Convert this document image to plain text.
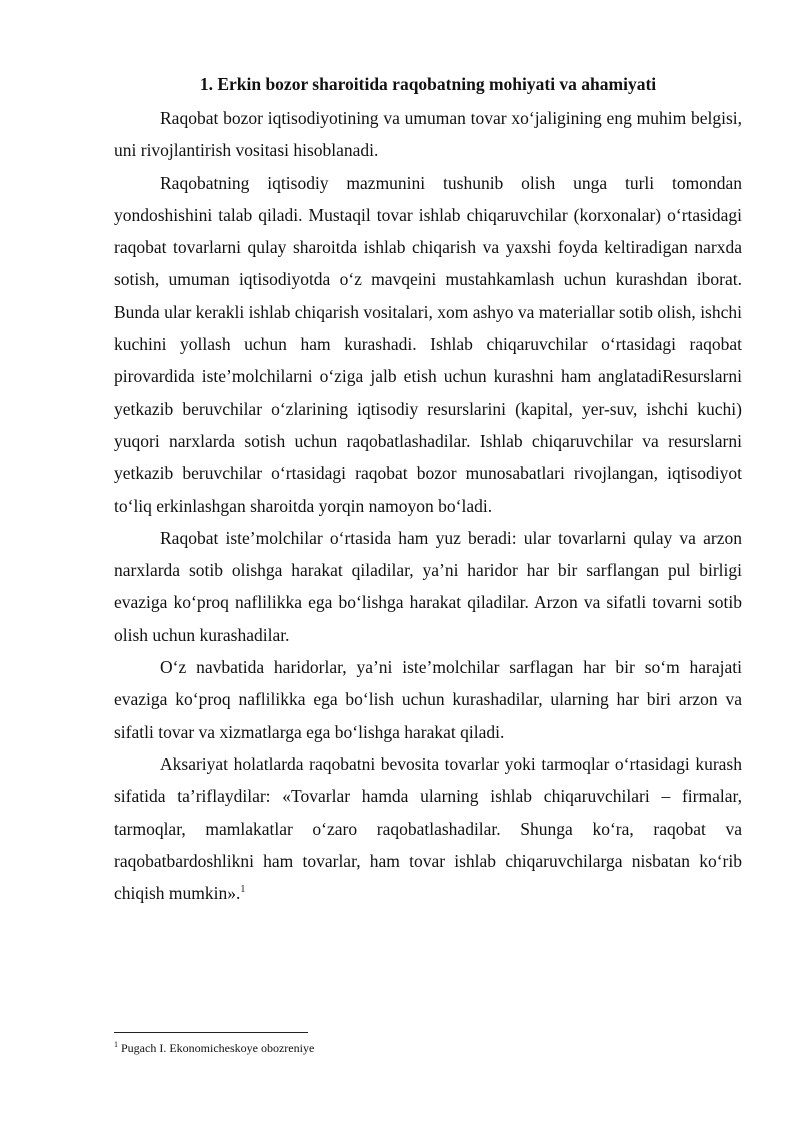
1. Erkin bozor sharoitida raqobatning mohiyati va ahamiyati

Raqobat bozor iqtisodiyotining va umuman tovar xo‘jaligining eng muhim belgisi, uni rivojlantirish vositasi hisoblanadi.

Raqobatning iqtisodiy mazmunini tushunib olish unga turli tomondan yondoshishini talab qiladi. Mustaqil tovar ishlab chiqaruvchilar (korxonalar) o‘rtasidagi raqobat tovarlarni qulay sharoitda ishlab chiqarish va yaxshi foyda keltiradigan narxda sotish, umuman iqtisodiyotda o‘z mavqeini mustahkamlash uchun kurashdan iborat. Bunda ular kerakli ishlab chiqarish vositalari, xom ashyo va materiallar sotib olish, ishchi kuchini yollash uchun ham kurashadi. Ishlab chiqaruvchilar o‘rtasidagi raqobat pirovardida iste’molchilarni o‘ziga jalb etish uchun kurashni ham anglatadiResurslarni yetkazib beruvchilar o‘zlarining iqtisodiy resurslarini (kapital, yer-suv, ishchi kuchi) yuqori narxlarda sotish uchun raqobatlashadilar. Ishlab chiqaruvchilar va resurslarni yetkazib beruvchilar o‘rtasidagi raqobat bozor munosabatlari rivojlangan, iqtisodiyot to‘liq erkinlashgan sharoitda yorqin namoyon bo‘ladi.

Raqobat iste’molchilar o‘rtasida ham yuz beradi: ular tovarlarni qulay va arzon narxlarda sotib olishga harakat qiladilar, ya’ni haridor har bir sarflangan pul birligi evaziga ko‘proq naflilikka ega bo‘lishga harakat qiladilar. Arzon va sifatli tovarni sotib olish uchun kurashadilar.

O‘z navbatida haridorlar, ya’ni iste’molchilar sarflagan har bir so‘m harajati evaziga ko‘proq naflilikka ega bo‘lish uchun kurashadilar, ularning har biri arzon va sifatli tovar va xizmatlarga ega bo‘lishga harakat qiladi.

Aksariyat holatlarda raqobatni bevosita tovarlar yoki tarmoqlar o‘rtasidagi kurash sifatida ta’riflaydilar: «Tovarlar hamda ularning ishlab chiqaruvchilari – firmalar, tarmoqlar, mamlakatlar o‘zaro raqobatlashadilar. Shunga ko‘ra, raqobat va raqobatbardoshlikni ham tovarlar, ham tovar ishlab chiqaruvchilarga nisbatan ko‘rib chiqish mumkin».$^1$

$^1$ Pugach I. Ekonomicheskoye obozreniye
